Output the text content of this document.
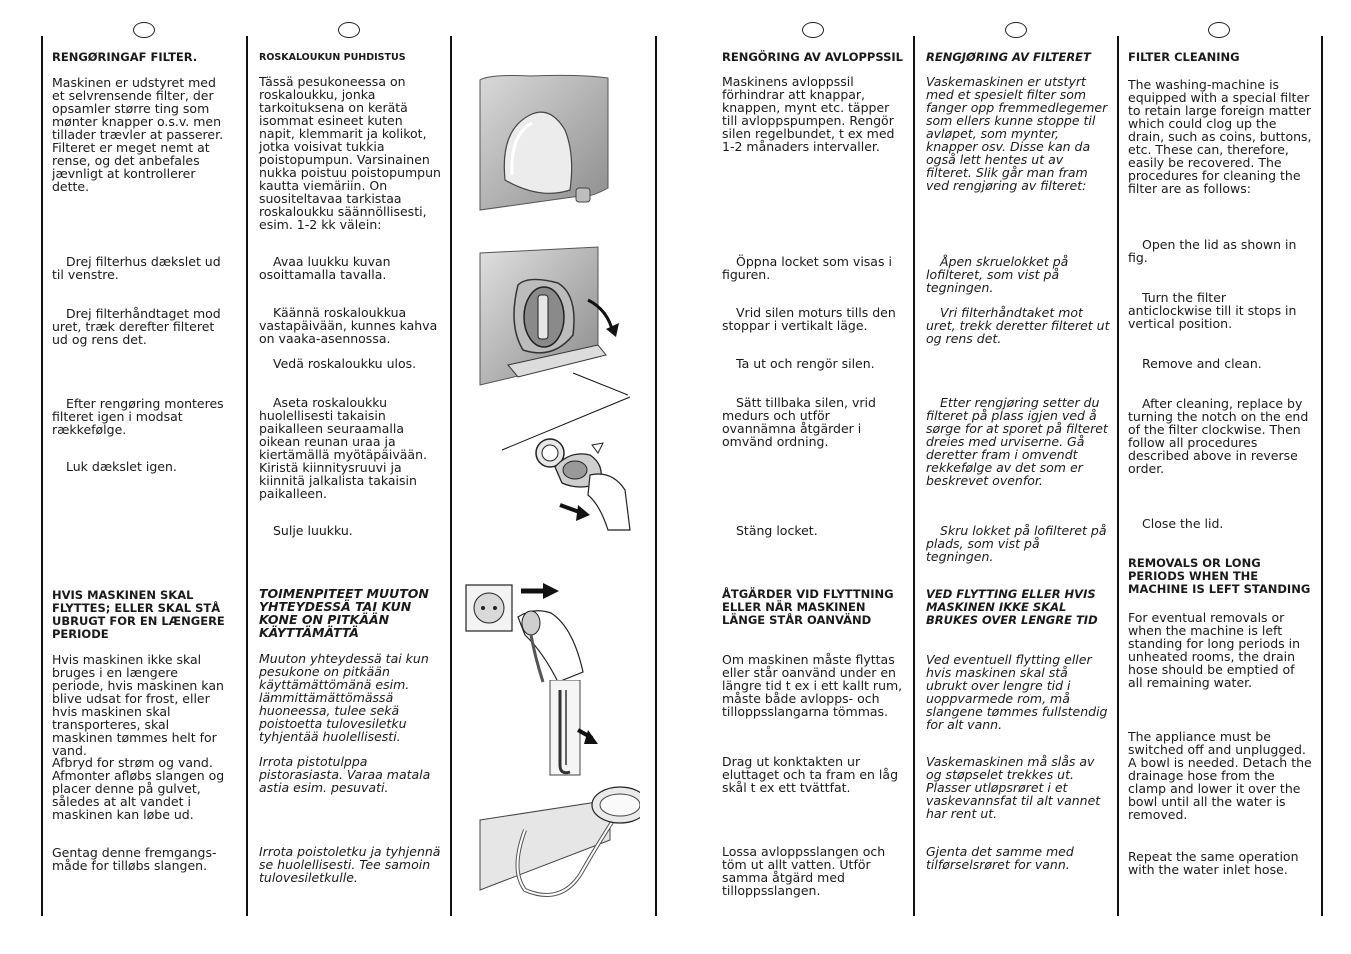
RENGØRINGAF FILTER.
Maskinen er udstyret med et selvrensende filter, der opsamler større ting som mønter knapper o.s.v. men tillader trævler at passerer. Filteret er meget nemt at rense, og det anbefales jævnligt at kontrollerer dette.
Drej filterhus dækslet ud til venstre.
Drej filterhåndtaget mod uret, træk derefter filteret ud og rens det.
Efter rengøring monteres filteret igen i modsat rækkefølge.
Luk dækslet igen.
HVIS MASKINEN SKAL FLYTTES; ELLER SKAL STÅ UBRUGT FOR EN LÆNGERE PERIODE
Hvis maskinen ikke skal bruges i en længere periode, hvis maskinen kan blive udsat for frost, eller hvis maskinen skal transporteres, skal maskinen tømmes helt for vand.
Afbryd for strøm og vand. Afmonter afløbs slangen og placer denne på gulvet, således at alt vandet i maskinen kan løbe ud.
Gentag denne fremgangs-måde for tilløbs slangen.
ROSKALOUKUN PUHDISTUS
Tässä pesukoneessa on roskaloukku, jonka tarkoituksena on kerätä isommat esineet kuten napit, klemmarit ja kolikot, jotka voisivat tukkia poistopumpun. Varsinainen nukka poistuu poistopumpun kautta viemäriin. On suositeltavaa tarkistaa roskaloukku säännöllisesti, esim. 1-2 kk välein:
Avaa luukku kuvan osoittamalla tavalla.
Käännä roskaloukkua vastapäivään, kunnes kahva on vaaka-asennossa.
Vedä roskaloukku ulos.
Aseta roskaloukku huolellisesti takaisin paikalleen seuraamalla oikean reunan uraa ja kiertämällä myötäpäivään. Kiristä kiinnitysruuvi ja kiinnitä jalkalista takaisin paikalleen.
Sulje luukku.
TOIMENPITEET MUUTON YHTEYDESSÄ TAI KUN KONE ON PITKÄÄN KÄYTTÄMÄTTÄ
Muuton yhteydessä tai kun pesukone on pitkään käyttämättömänä esim. lämmittämättömässä huoneessa, tulee sekä poistoetta tulovesiletku tyhjentää huolellisesti.
Irrota pistotulppa pistorasiasta. Varaa matala astia esim. pesuvati.
Irrota poistoletku ja tyhjennä se huolellisesti. Tee samoin tulovesiletkulle.
RENGÖRING AV AVLOPPSSIL
Maskinens avloppssil förhindrar att knappar, knappen, mynt etc. täpper till avloppspumpen. Rengör silen regelbundet, t ex med 1-2 månaders intervaller.
Öppna locket som visas i figuren.
Vrid silen moturs tills den stoppar i vertikalt läge.
Ta ut och rengör silen.
Sätt tillbaka silen, vrid medurs och utför ovannämna åtgärder i omvänd ordning.
Stäng locket.
ÅTGÄRDER VID FLYTTNING ELLER NÄR MASKINEN LÄNGE STÅR OANVÄND
Om maskinen måste flyttas eller står oanvänd under en längre tid t ex i ett kallt rum, måste både avlopps- och tilloppsslangarna tömmas.
Drag ut konktakten ur eluttaget och ta fram en låg skål t ex ett tvättfat.
Lossa avloppsslangen och töm ut allt vatten. Utför samma åtgärd med tilloppsslangen.
RENGJØRING AV FILTERET
Vaskemaskinen er utstyrt med et spesielt filter som fanger opp fremmedlegemer som ellers kunne stoppe til avløpet, som mynter, knapper osv. Disse kan da også lett hentes ut av filteret. Slik går man fram ved rengjøring av filteret:
Åpen skruelokket på lofilteret, som vist på tegningen.
Vri filterhåndtaket mot uret, trekk deretter filteret ut og rens det.
Etter rengjøring setter du filteret på plass igjen ved å sørge for at sporet på filteret dreies med urviserne. Gå deretter fram i omvendt rekkefølge av det som er beskrevet ovenfor.
Skru lokket på lofilteret på plads, som vist på tegningen.
VED FLYTTING ELLER HVIS MASKINEN IKKE SKAL BRUKES OVER LENGRE TID
Ved eventuell flytting eller hvis maskinen skal stå ubrukt over lengre tid i uoppvarmede rom, må slangene tømmes fullstendig for alt vann.
Vaskemaskinen må slås av og støpselet trekkes ut. Plasser utløpsrøret i et vaskevannsfat til alt vannet har rent ut.
Gjenta det samme med tilførselsrøret for vann.
FILTER CLEANING
The washing-machine is equipped with a special filter to retain large foreign matter which could clog up the drain, such as coins, buttons, etc. These can, therefore, easily be recovered. The procedures for cleaning the filter are as follows:
Open the lid as shown in fig.
Turn the filter anticlockwise till it stops in vertical position.
Remove and clean.
After cleaning, replace by turning the notch on the end of the filter clockwise. Then follow all procedures described above in reverse order.
Close the lid.
REMOVALS OR LONG PERIODS WHEN THE MACHINE IS LEFT STANDING
For eventual removals or when the machine is left standing for long periods in unheated rooms, the drain hose should be emptied of all remaining water.
The appliance must be switched off and unplugged. A bowl is needed. Detach the drainage hose from the clamp and lower it over the bowl until all the water is removed.
Repeat the same operation with the water inlet hose.
